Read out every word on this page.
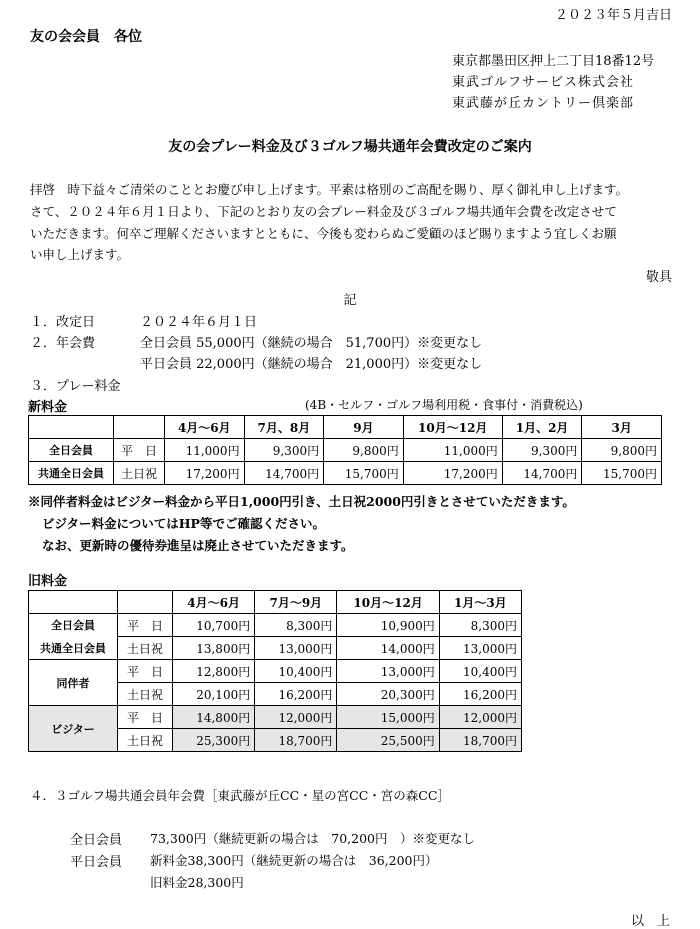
２０２３年５月吉日
友の会会員　各位
東京都墨田区押上二丁目18番12号
東武ゴルフサービス株式会社
東武藤が丘カントリー倶楽部
友の会プレー料金及び３ゴルフ場共通年会費改定のご案内
拝啓　時下益々ご清栄のこととお慶び申し上げます。平素は格別のご高配を賜り、厚く御礼申し上げます。
さて、２０２４年６月１日より、下記のとおり友の会プレー料金及び３ゴルフ場共通年会費を改定させて
いただきます。何卒ご理解くださいますとともに、今後も変わらぬご愛顧のほど賜りますよう宜しくお願
い申し上げます。
敬具
記
１．改定日	２０２４年６月１日
２．年会費	全日会員 55,000円（継続の場合　51,700円）※変更なし
平日会員 22,000円（継続の場合　21,000円）※変更なし
３．プレー料金
新料金	(4B・セルフ・ゴルフ場利用税・食事付・消費税込)
		4月～6月	7月、8月	9月	10月～12月	1月、2月	3月
全日会員	平　日	11,000円	9,300円	9,800円	11,000円	9,300円	9,800円
共通全日会員	土日祝	17,200円	14,700円	15,700円	17,200円	14,700円	15,700円
※同伴者料金はビジター料金から平日1,000円引き、土日祝2000円引きとさせていただきます。
ビジター料金についてはHP等でご確認ください。
なお、更新時の優待券進呈は廃止させていただきます。
旧料金
		4月～6月	7月～9月	10月～12月	1月～3月
全日会員	平　日	10,700円	8,300円	10,900円	8,300円
共通全日会員	土日祝	13,800円	13,000円	14,000円	13,000円
同伴者	平　日	12,800円	10,400円	13,000円	10,400円
	土日祝	20,100円	16,200円	20,300円	16,200円
ビジター	平　日	14,800円	12,000円	15,000円	12,000円
	土日祝	25,300円	18,700円	25,500円	18,700円
４．３ゴルフ場共通会員年会費［東武藤が丘CC・星の宮CC・宮の森CC］
全日会員 73,300円（継続更新の場合は　70,200円　）※変更なし
平日会員 新料金38,300円（継続更新の場合は　36,200円）
旧料金28,300円
以　上
